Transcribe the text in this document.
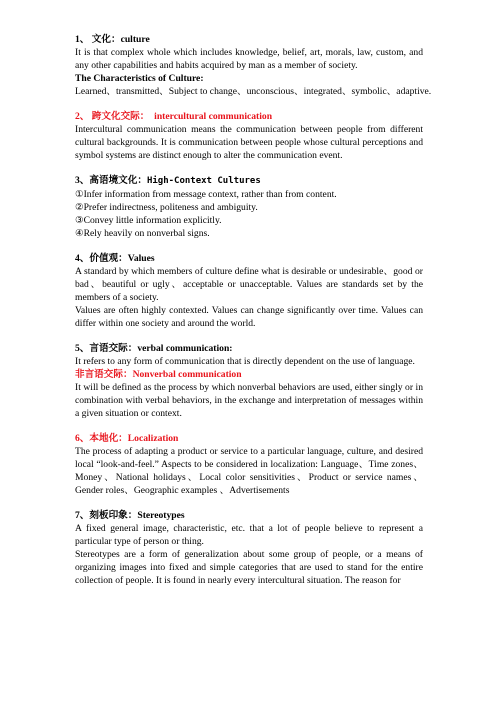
1、 文化：culture
It is that complex whole which includes knowledge, belief, art, morals, law, custom, and any other capabilities and habits acquired by man as a member of society.
The Characteristics of Culture:
Learned、transmitted、Subject to change、unconscious、integrated、symbolic、adaptive.
2、 跨文化交际： intercultural communication
Intercultural communication means the communication between people from different cultural backgrounds. It is communication between people whose cultural perceptions and symbol systems are distinct enough to alter the communication event.
3、高语境文化：High-Context Cultures
①Infer information from message context, rather than from content.
②Prefer indirectness, politeness and ambiguity.
③Convey little information explicitly.
④Rely heavily on nonverbal signs.
4、价值观：Values
A standard by which members of culture define what is desirable or undesirable、good or bad、beautiful or ugly、acceptable or unacceptable. Values are standards set by the members of a society.
Values are often highly contexted. Values can change significantly over time. Values can differ within one society and around the world.
5、言语交际：verbal communication:
It refers to any form of communication that is directly dependent on the use of language.
非言语交际：Nonverbal communication
It will be defined as the process by which nonverbal behaviors are used, either singly or in combination with verbal behaviors, in the exchange and interpretation of messages within a given situation or context.
6、本地化：Localization
The process of adapting a product or service to a particular language, culture, and desired local “look-and-feel.” Aspects to be considered in localization: Language、Time zones、Money、National holidays、Local color sensitivities、Product or service names、Gender roles、Geographic examples 、Advertisements
7、刻板印象：Stereotypes
A fixed general image, characteristic, etc. that a lot of people believe to represent a particular type of person or thing.
Stereotypes are a form of generalization about some group of people, or a means of organizing images into fixed and simple categories that are used to stand for the entire collection of people. It is found in nearly every intercultural situation. The reason for
